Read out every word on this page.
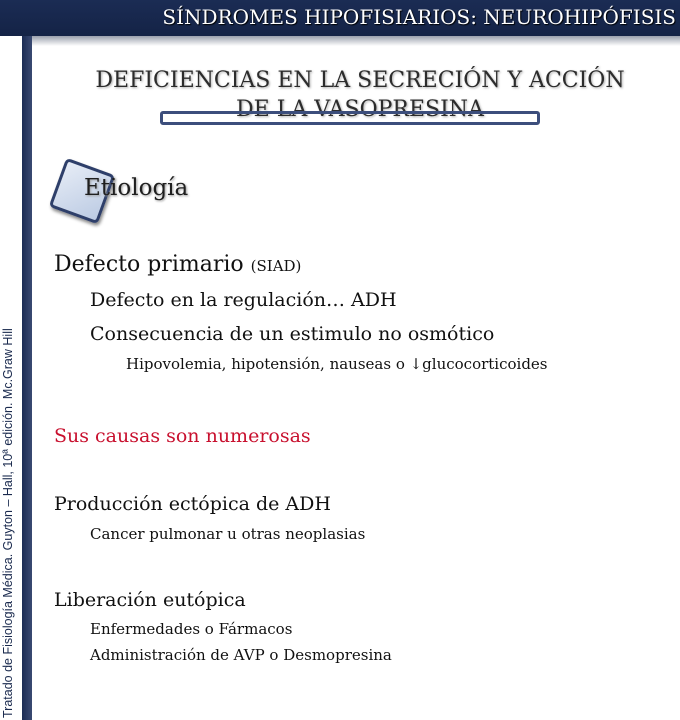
SÍNDROMES HIPOFISIARIOS: NEUROHIPÓFISIS
Tratado de Fisiología Médica. Guyton – Hall, 10ª edición. Mc.Graw Hill
DEFICIENCIAS EN LA SECRECIÓN Y ACCIÓN
DE LA VASOPRESINA
Etiología
Defecto primario (SIAD)
Defecto en la regulación… ADH
Consecuencia de un estimulo no osmótico
Hipovolemia, hipotensión, nauseas o ↓glucocorticoides
Sus causas son numerosas
Producción ectópica de ADH
Cancer pulmonar u otras neoplasias
Liberación eutópica
Enfermedades o Fármacos
Administración de AVP o Desmopresina
